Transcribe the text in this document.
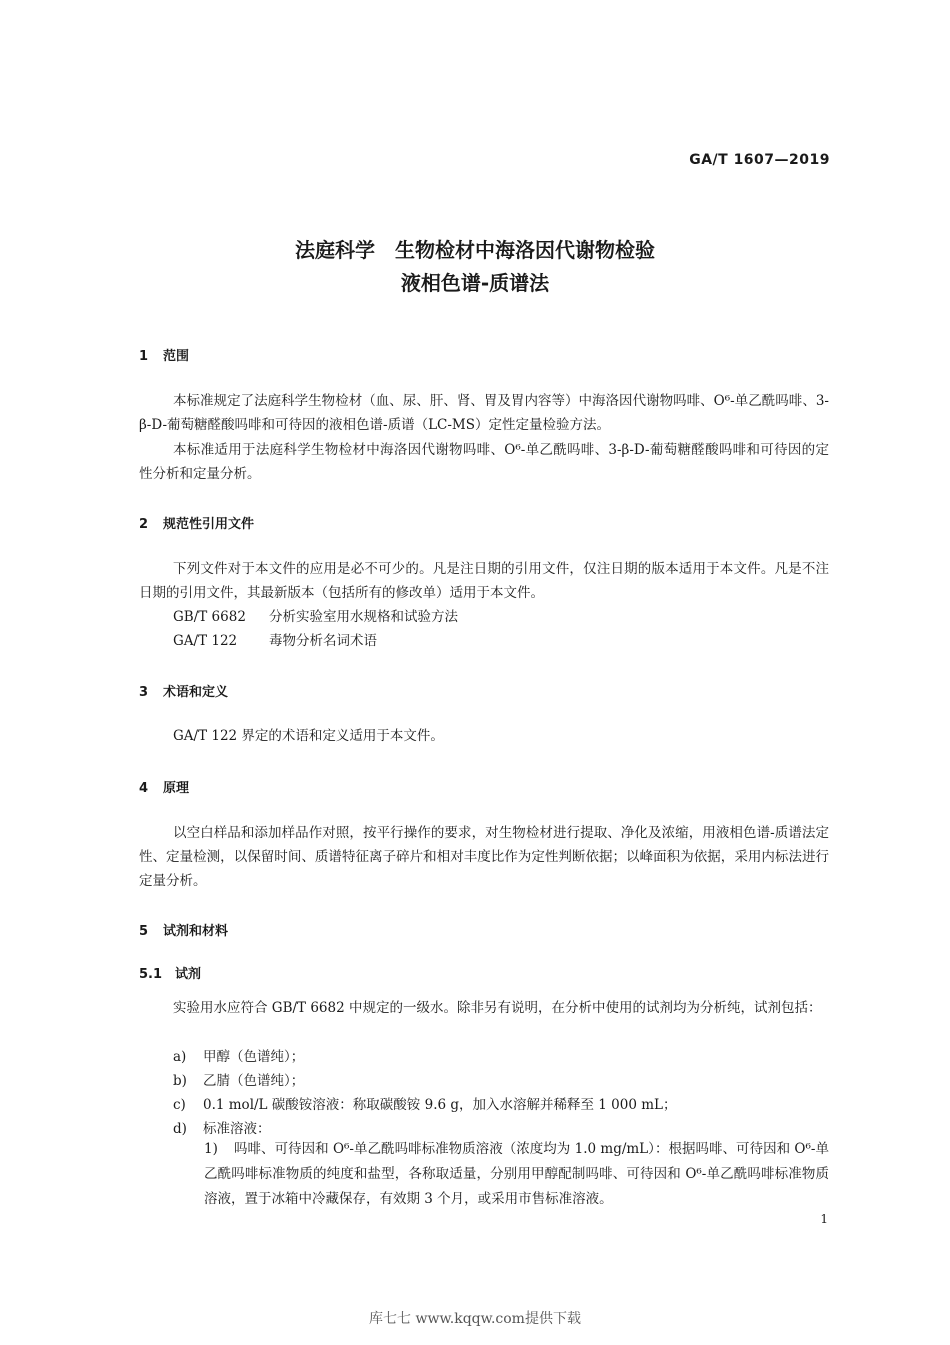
GA/T 1607—2019
法庭科学　生物检材中海洛因代谢物检验
液相色谱-质谱法
1 范围
本标准规定了法庭科学生物检材（血、尿、肝、肾、胃及胃内容等）中海洛因代谢物吗啡、O⁶-单乙酰吗啡、3-β-D-葡萄糖醛酸吗啡和可待因的液相色谱-质谱（LC-MS）定性定量检验方法。
本标准适用于法庭科学生物检材中海洛因代谢物吗啡、O⁶-单乙酰吗啡、3-β-D-葡萄糖醛酸吗啡和可待因的定性分析和定量分析。
2 规范性引用文件
下列文件对于本文件的应用是必不可少的。凡是注日期的引用文件，仅注日期的版本适用于本文件。凡是不注日期的引用文件，其最新版本（包括所有的修改单）适用于本文件。
GB/T 6682 分析实验室用水规格和试验方法
GA/T 122 毒物分析名词术语
3 术语和定义
GA/T 122 界定的术语和定义适用于本文件。
4 原理
以空白样品和添加样品作对照，按平行操作的要求，对生物检材进行提取、净化及浓缩，用液相色谱-质谱法定性、定量检测，以保留时间、质谱特征离子碎片和相对丰度比作为定性判断依据；以峰面积为依据，采用内标法进行定量分析。
5 试剂和材料
5.1 试剂
实验用水应符合 GB/T 6682 中规定的一级水。除非另有说明，在分析中使用的试剂均为分析纯，试剂包括：
a) 甲醇（色谱纯）；
b) 乙腈（色谱纯）；
c) 0.1 mol/L 碳酸铵溶液：称取碳酸铵 9.6 g，加入水溶解并稀释至 1 000 mL；
d) 标准溶液：
1) 吗啡、可待因和 O⁶-单乙酰吗啡标准物质溶液（浓度均为 1.0 mg/mL）：根据吗啡、可待因和 O⁶-单乙酰吗啡标准物质的纯度和盐型，各称取适量，分别用甲醇配制吗啡、可待因和 O⁶-单乙酰吗啡标准物质溶液，置于冰箱中冷藏保存，有效期 3 个月，或采用市售标准溶液。
1
库七七 www.kqqw.com提供下载
